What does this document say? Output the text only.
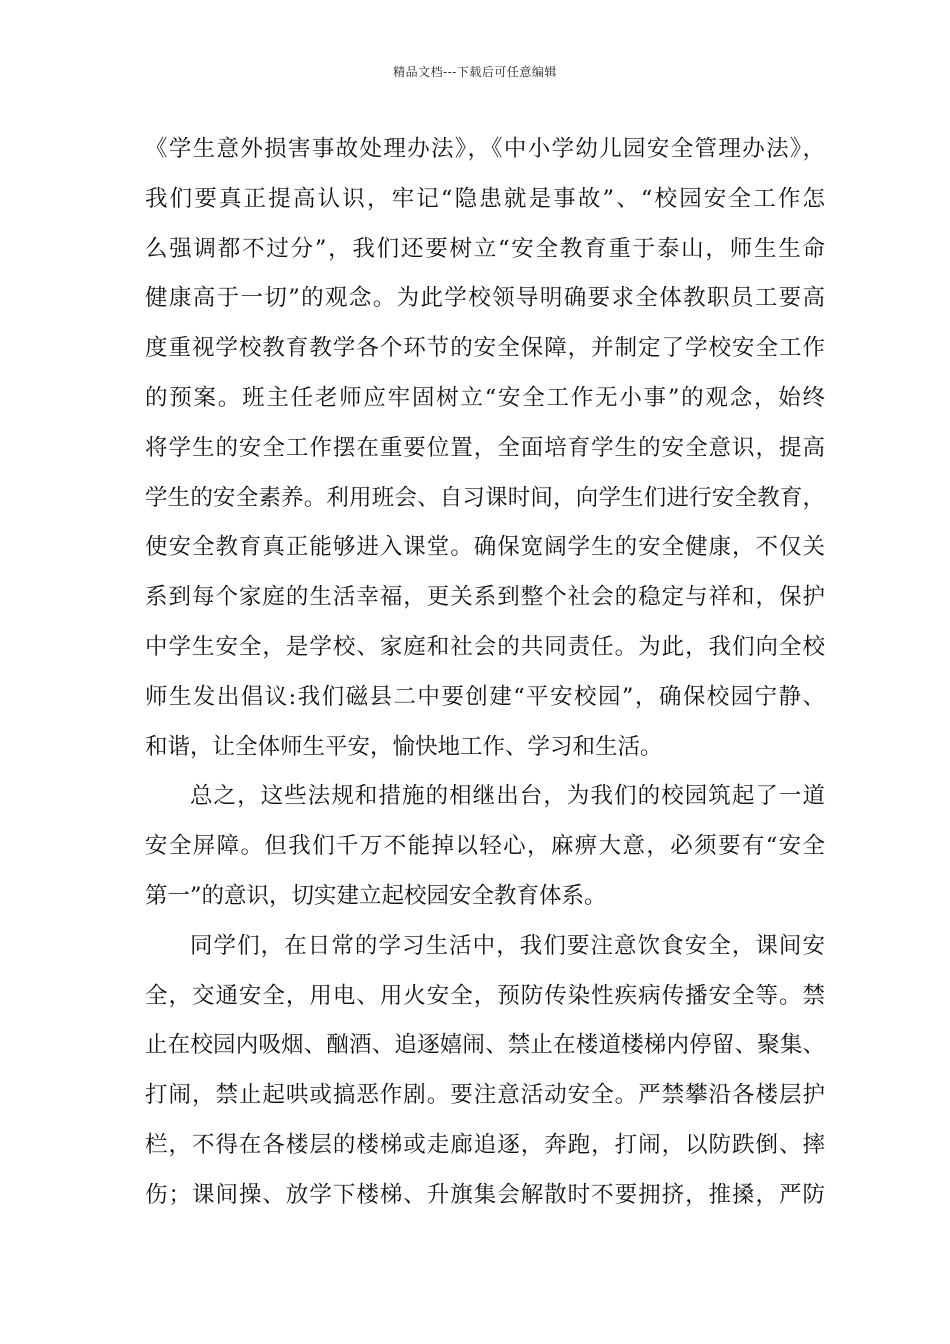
精品文档---下载后可任意编辑
《学生意外损害事故处理办法》，《中小学幼儿园安全管理办法》，
我们要真正提高认识，牢记“隐患就是事故”、“校园安全工作怎
么强调都不过分”，我们还要树立“安全教育重于泰山，师生生命
健康高于一切”的观念。为此学校领导明确要求全体教职员工要高
度重视学校教育教学各个环节的安全保障，并制定了学校安全工作
的预案。班主任老师应牢固树立“安全工作无小事”的观念，始终
将学生的安全工作摆在重要位置，全面培育学生的安全意识，提高
学生的安全素养。利用班会、自习课时间，向学生们进行安全教育，
使安全教育真正能够进入课堂。确保宽阔学生的安全健康，不仅关
系到每个家庭的生活幸福，更关系到整个社会的稳定与祥和，保护
中学生安全，是学校、家庭和社会的共同责任。为此，我们向全校
师生发出倡议:我们磁县二中要创建“平安校园”，确保校园宁静、
和谐，让全体师生平安，愉快地工作、学习和生活。
总之，这些法规和措施的相继出台，为我们的校园筑起了一道
安全屏障。但我们千万不能掉以轻心，麻痹大意，必须要有“安全
第一”的意识，切实建立起校园安全教育体系。
同学们，在日常的学习生活中，我们要注意饮食安全，课间安
全，交通安全，用电、用火安全，预防传染性疾病传播安全等。禁
止在校园内吸烟、酗酒、追逐嬉闹、禁止在楼道楼梯内停留、聚集、
打闹，禁止起哄或搞恶作剧。要注意活动安全。严禁攀沿各楼层护
栏，不得在各楼层的楼梯或走廊追逐，奔跑，打闹，以防跌倒、摔
伤；课间操、放学下楼梯、升旗集会解散时不要拥挤，推搡，严防
